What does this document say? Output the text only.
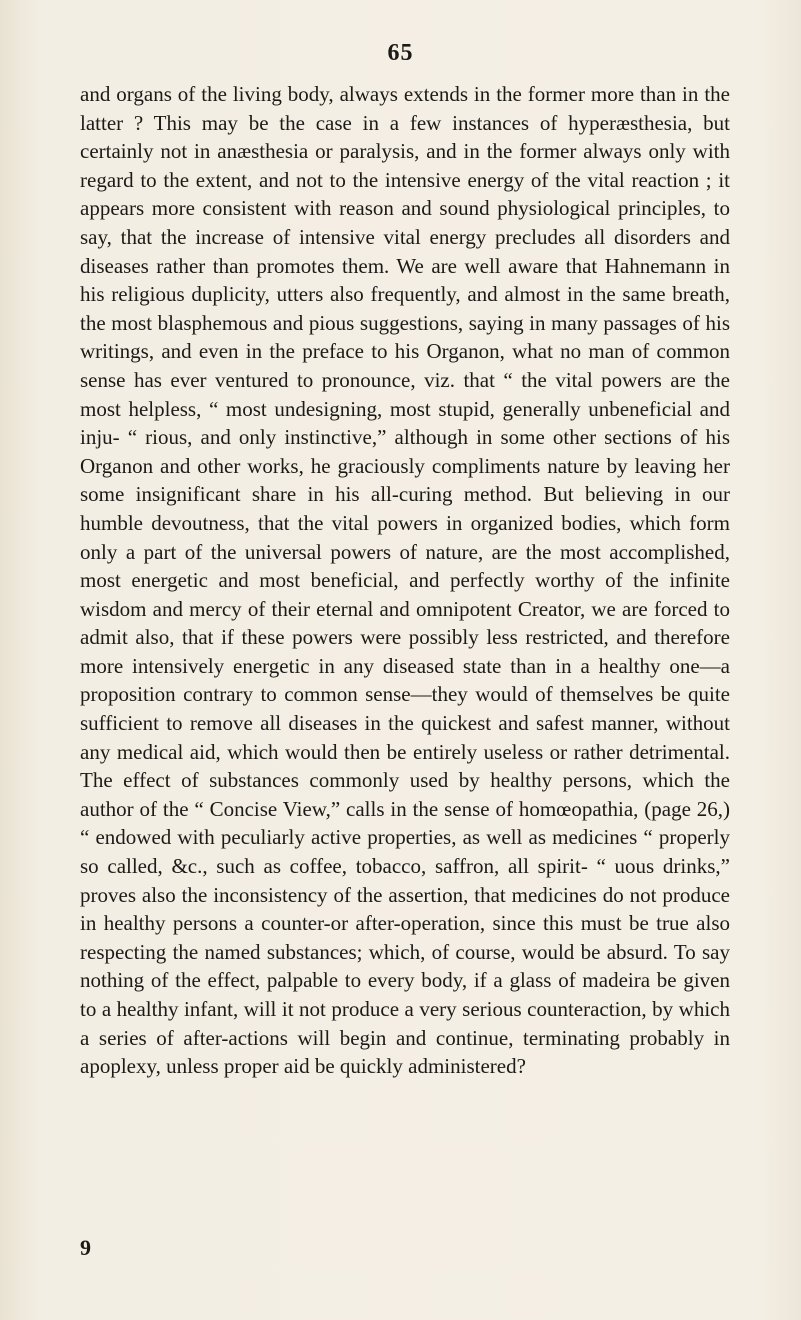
65

and organs of the living body, always extends in the former more than in the latter ? This may be the case in a few instances of hyperæsthesia, but certainly not in anæsthesia or paralysis, and in the former always only with regard to the extent, and not to the intensive energy of the vital reaction ; it appears more consistent with reason and sound physiological principles, to say, that the increase of intensive vital energy precludes all disorders and diseases rather than promotes them. We are well aware that Hahnemann in his religious duplicity, utters also frequently, and almost in the same breath, the most blasphemous and pious suggestions, saying in many passages of his writings, and even in the preface to his Organon, what no man of common sense has ever ventured to pronounce, viz. that “ the vital powers are the most helpless, “ most undesigning, most stupid, generally unbeneficial and inju- “ rious, and only instinctive,” although in some other sections of his Organon and other works, he graciously compliments nature by leaving her some insignificant share in his all-curing method. But believing in our humble devoutness, that the vital powers in organized bodies, which form only a part of the universal powers of nature, are the most accomplished, most energetic and most beneficial, and perfectly worthy of the infinite wisdom and mercy of their eternal and omnipotent Creator, we are forced to admit also, that if these powers were possibly less restricted, and therefore more intensively energetic in any diseased state than in a healthy one—a proposition contrary to common sense—they would of themselves be quite sufficient to remove all diseases in the quickest and safest manner, without any medical aid, which would then be entirely useless or rather detrimental. The effect of substances commonly used by healthy persons, which the author of the “ Concise View,” calls in the sense of homœopathia, (page 26,) “ endowed with peculiarly active properties, as well as medicines “ properly so called, &c., such as coffee, tobacco, saffron, all spirit- “ uous drinks,” proves also the inconsistency of the assertion, that medicines do not produce in healthy persons a counter-or after-operation, since this must be true also respecting the named substances; which, of course, would be absurd. To say nothing of the effect, palpable to every body, if a glass of madeira be given to a healthy infant, will it not produce a very serious counteraction, by which a series of after-actions will begin and continue, terminating probably in apoplexy, unless proper aid be quickly administered?

9
